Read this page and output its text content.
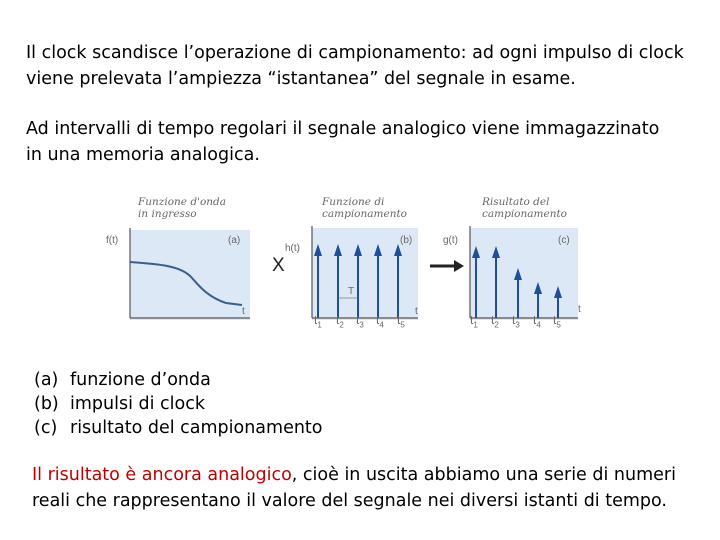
Il clock scandisce l’operazione di campionamento: ad ogni impulso di clock
viene prelevata l’ampiezza “istantanea” del segnale in esame.

Ad intervalli di tempo regolari il segnale analogico viene immagazzinato
in una memoria analogica.

Funzione d'onda
in ingresso
f(t)	(a)
t
X
Funzione di
campionamento
h(t)
(b)
T
t
$t_1$ $t_2$ $t_3$ $t_4$ $t_5$
Risultato del
campionamento
g(t)	(c)
t
$t_1$ $t_2$ $t_3$ $t_4$ $t_5$
(a) funzione d’onda
(b) impulsi di clock
(c) risultato del campionamento

Il risultato è ancora analogico, cioè in uscita abbiamo una serie di numeri
reali che rappresentano il valore del segnale nei diversi istanti di tempo.
